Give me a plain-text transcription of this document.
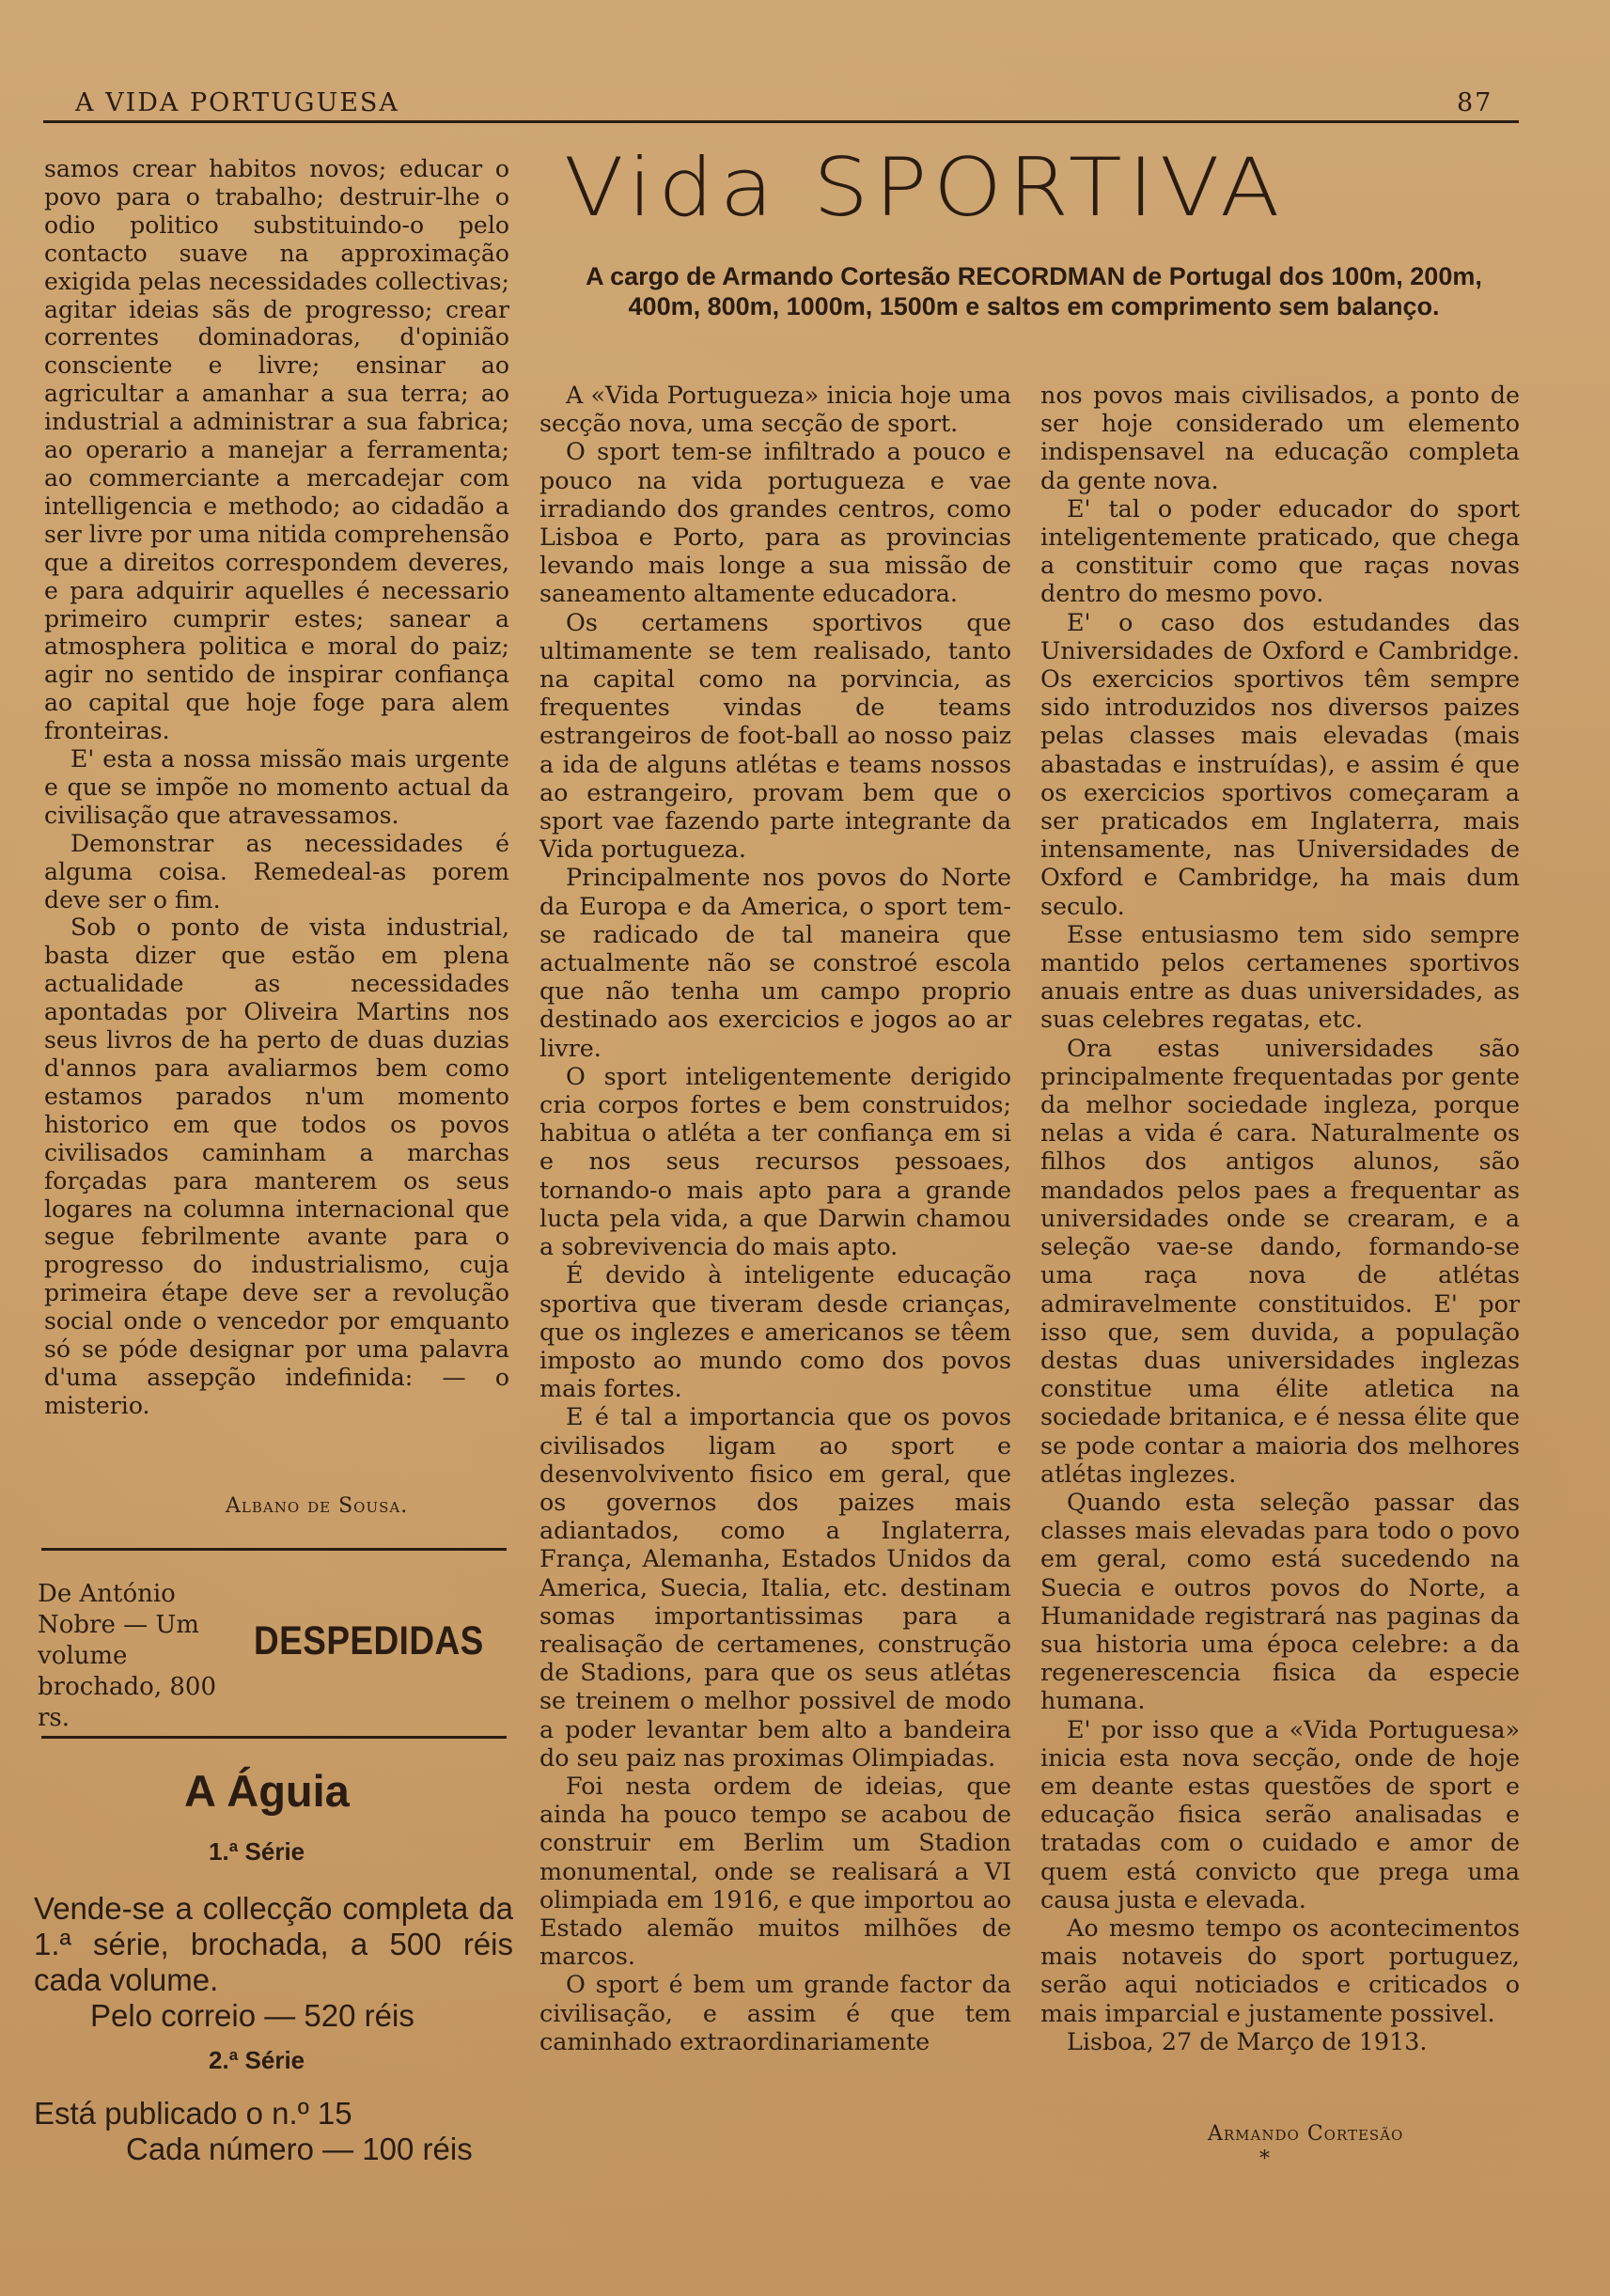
A VIDA PORTUGUESA	87

samos crear habitos novos; educar o povo para o trabalho; destruir-lhe o odio politico substituindo-o pelo contacto suave na approximação exigida pelas necessidades collectivas; agitar ideias sãs de progresso; crear correntes dominadoras, d'opinião consciente e livre; ensinar ao agricultar a amanhar a sua terra; ao industrial a administrar a sua fabrica; ao operario a manejar a ferramenta; ao commerciante a mercadejar com intelligencia e methodo; ao cidadão a ser livre por uma nitida comprehensão que a direitos correspondem deveres, e para adquirir aquelles é necessario primeiro cumprir estes; sanear a atmosphera politica e moral do paiz; agir no sentido de inspirar confiança ao capital que hoje foge para alem fronteiras.

E' esta a nossa missão mais urgente e que se impõe no momento actual da civilisação que atravessamos.

Demonstrar as necessidades é alguma coisa. Remedeal-as porem deve ser o fim.

Sob o ponto de vista industrial, basta dizer que estão em plena actualidade as necessidades apontadas por Oliveira Martins nos seus livros de ha perto de duas duzias d'annos para avaliarmos bem como estamos parados n'um momento historico em que todos os povos civilisados caminham a marchas forçadas para manterem os seus logares na columna internacional que segue febrilmente avante para o progresso do industrialismo, cuja primeira étape deve ser a revolução social onde o vencedor por emquanto só se póde designar por uma palavra d'uma assepção indefinida: — o misterio.

Albano de Sousa.
De António Nobre — Um volume brochado, 800 rs.
DESPEDIDAS
A Águia
1.ª Série
Vende-se a collecção completa da 1.ª série, brochada, a 500 réis cada volume.
Pelo correio — 520 réis
2.ª Série
Está publicado o n.º 15
Cada número — 100 réis
Vida SPORTIVA
A cargo de Armando Cortesão RECORDMAN de Portugal dos 100m, 200m, 400m, 800m, 1000m, 1500m e saltos em comprimento sem balanço.

A «Vida Portugueza» inicia hoje uma secção nova, uma secção de sport.

O sport tem-se infiltrado a pouco e pouco na vida portugueza e vae irradiando dos grandes centros, como Lisboa e Porto, para as provincias levando mais longe a sua missão de saneamento altamente educadora.

Os certamens sportivos que ultimamente se tem realisado, tanto na capital como na porvincia, as frequentes vindas de teams estrangeiros de foot-ball ao nosso paiz a ida de alguns atlétas e teams nossos ao estrangeiro, provam bem que o sport vae fazendo parte integrante da Vida portugueza.

Principalmente nos povos do Norte da Europa e da America, o sport tem-se radicado de tal maneira que actualmente não se constroé escola que não tenha um campo proprio destinado aos exercicios e jogos ao ar livre.

O sport inteligentemente derigido cria corpos fortes e bem construidos; habitua o atléta a ter confiança em si e nos seus recursos pessoaes, tornando-o mais apto para a grande lucta pela vida, a que Darwin chamou a sobrevivencia do mais apto.

É devido à inteligente educação sportiva que tiveram desde crianças, que os inglezes e americanos se têem imposto ao mundo como dos povos mais fortes.

E é tal a importancia que os povos civilisados ligam ao sport e desenvolvivento fisico em geral, que os governos dos paizes mais adiantados, como a Inglaterra, França, Alemanha, Estados Unidos da America, Suecia, Italia, etc. destinam somas importantissimas para a realisação de certamenes, construção de Stadions, para que os seus atlétas se treinem o melhor possivel de modo a poder levantar bem alto a bandeira do seu paiz nas proximas Olimpiadas.

Foi nesta ordem de ideias, que ainda ha pouco tempo se acabou de construir em Berlim um Stadion monumental, onde se realisará a VI olimpiada em 1916, e que importou ao Estado alemão muitos milhões de marcos.

O sport é bem um grande factor da civilisação, e assim é que tem caminhado extraordinariamente

nos povos mais civilisados, a ponto de ser hoje considerado um elemento indispensavel na educação completa da gente nova.

E' tal o poder educador do sport inteligentemente praticado, que chega a constituir como que raças novas dentro do mesmo povo.

E' o caso dos estudandes das Universidades de Oxford e Cambridge. Os exercicios sportivos têm sempre sido introduzidos nos diversos paizes pelas classes mais elevadas (mais abastadas e instruídas), e assim é que os exercicios sportivos começaram a ser praticados em Inglaterra, mais intensamente, nas Universidades de Oxford e Cambridge, ha mais dum seculo.

Esse entusiasmo tem sido sempre mantido pelos certamenes sportivos anuais entre as duas universidades, as suas celebres regatas, etc.

Ora estas universidades são principalmente frequentadas por gente da melhor sociedade ingleza, porque nelas a vida é cara. Naturalmente os filhos dos antigos alunos, são mandados pelos paes a frequentar as universidades onde se crearam, e a seleção vae-se dando, formando-se uma raça nova de atlétas admiravelmente constituidos. E' por isso que, sem duvida, a população destas duas universidades inglezas constitue uma élite atletica na sociedade britanica, e é nessa élite que se pode contar a maioria dos melhores atlétas inglezes.

Quando esta seleção passar das classes mais elevadas para todo o povo em geral, como está sucedendo na Suecia e outros povos do Norte, a Humanidade registrará nas paginas da sua historia uma época celebre: a da regenerescencia fisica da especie humana.

E' por isso que a «Vida Portuguesa» inicia esta nova secção, onde de hoje em deante estas questões de sport e educação fisica serão analisadas e tratadas com o cuidado e amor de quem está convicto que prega uma causa justa e elevada.

Ao mesmo tempo os acontecimentos mais notaveis do sport portuguez, serão aqui noticiados e criticados o mais imparcial e justamente possivel.

Lisboa, 27 de Março de 1913.

Armando Cortesão
*
